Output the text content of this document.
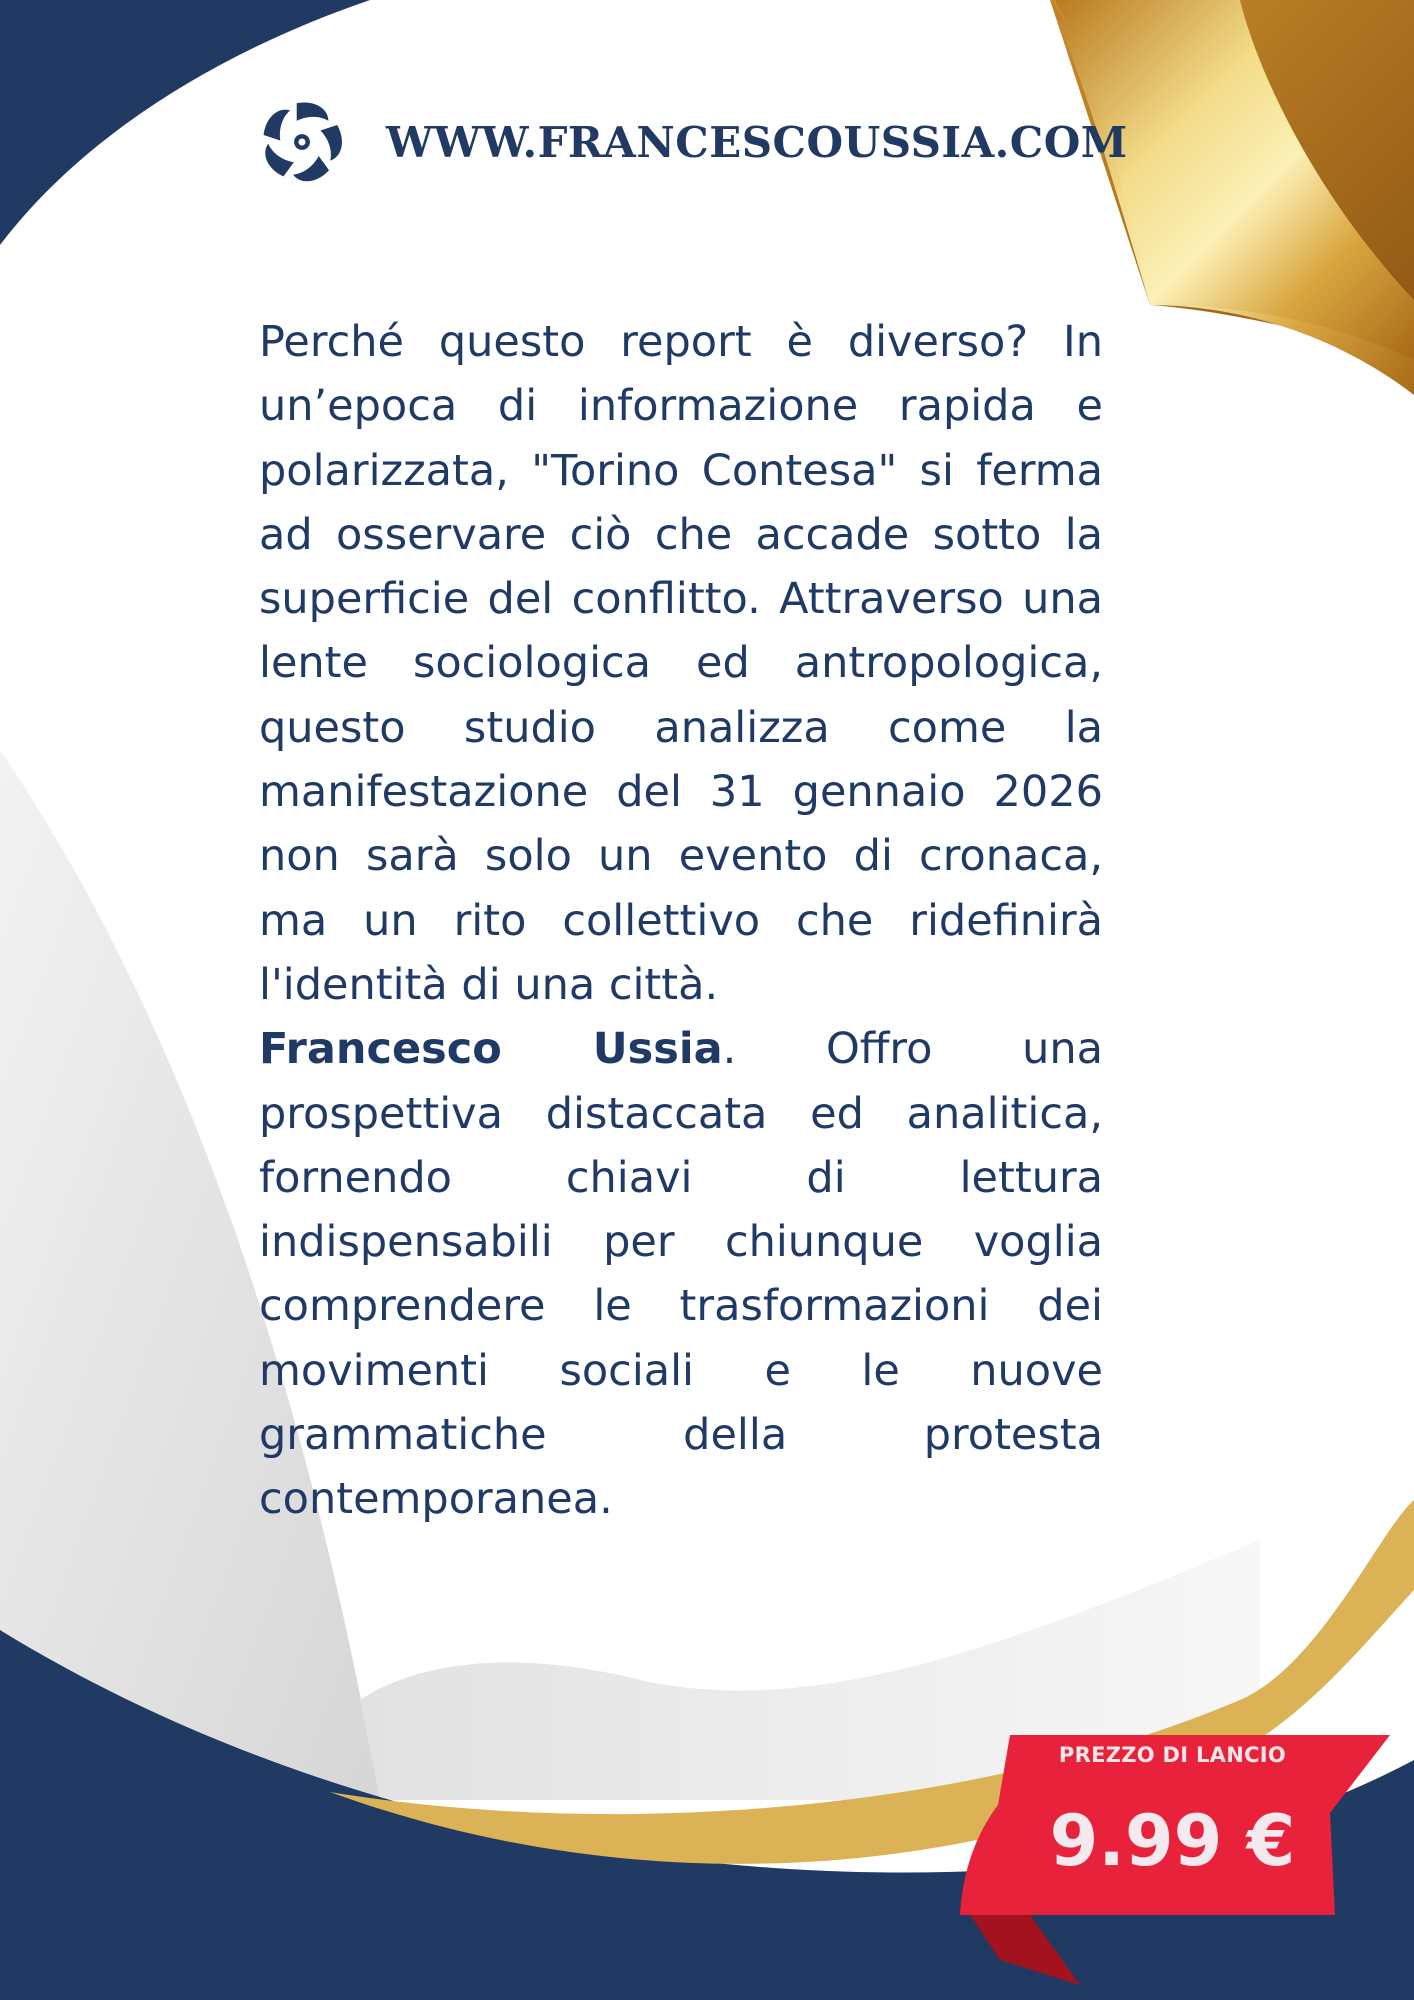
WWW.FRANCESCOUSSIA.COM

Perché questo report è diverso? In un’epoca di informazione rapida e polarizzata, "Torino Contesa" si ferma ad osservare ciò che accade sotto la superficie del conflitto. Attraverso una lente sociologica ed antropologica, questo studio analizza come la manifestazione del 31 gennaio 2026 non sarà solo un evento di cronaca, ma un rito collettivo che ridefinirà l'identità di una città.

Francesco Ussia. Offro una prospettiva distaccata ed analitica, fornendo chiavi di lettura indispensabili per chiunque voglia comprendere le trasformazioni dei movimenti sociali e le nuove grammatiche della protesta contemporanea.

PREZZO DI LANCIO
9.99 €
